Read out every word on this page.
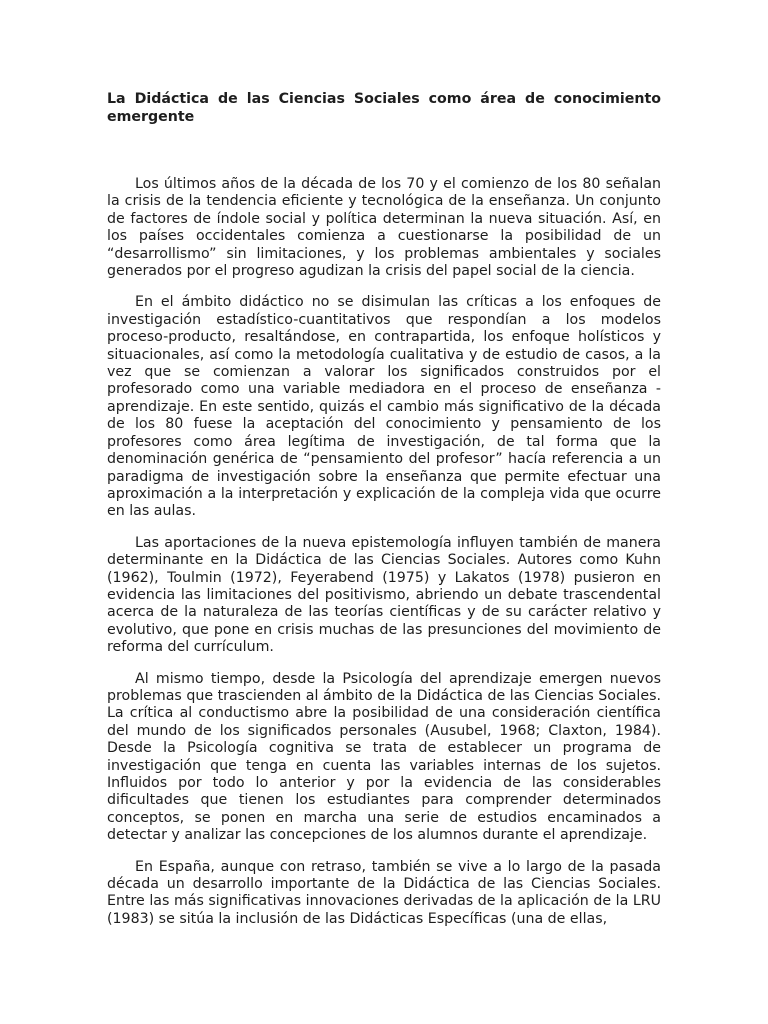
La Didáctica de las Ciencias Sociales como área de conocimiento emergente

Los últimos años de la década de los 70 y el comienzo de los 80 señalan la crisis de la tendencia eficiente y tecnológica de la enseñanza. Un conjunto de factores de índole social y política determinan la nueva situación. Así, en los países occidentales comienza a cuestionarse la posibilidad de un “desarrollismo” sin limitaciones, y los problemas ambientales y sociales generados por el progreso agudizan la crisis del papel social de la ciencia.

En el ámbito didáctico no se disimulan las críticas a los enfoques de investigación estadístico-cuantitativos que respondían a los modelos proceso-producto, resaltándose, en contrapartida, los enfoque holísticos y situacionales, así como la metodología cualitativa y de estudio de casos, a la vez que se comienzan a valorar los significados construidos por el profesorado como una variable mediadora en el proceso de enseñanza - aprendizaje. En este sentido, quizás el cambio más significativo de la década de los 80 fuese la aceptación del conocimiento y pensamiento de los profesores como área legítima de investigación, de tal forma que la denominación genérica de “pensamiento del profesor” hacía referencia a un paradigma de investigación sobre la enseñanza que permite efectuar una aproximación a la interpretación y explicación de la compleja vida que ocurre en las aulas.

Las aportaciones de la nueva epistemología influyen también de manera determinante en la Didáctica de las Ciencias Sociales. Autores como Kuhn (1962), Toulmin (1972), Feyerabend (1975) y Lakatos (1978) pusieron en evidencia las limitaciones del positivismo, abriendo un debate trascendental acerca de la naturaleza de las teorías científicas y de su carácter relativo y evolutivo, que pone en crisis muchas de las presunciones del movimiento de reforma del currículum.

Al mismo tiempo, desde la Psicología del aprendizaje emergen nuevos problemas que trascienden al ámbito de la Didáctica de las Ciencias Sociales. La crítica al conductismo abre la posibilidad de una consideración científica del mundo de los significados personales (Ausubel, 1968; Claxton, 1984). Desde la Psicología cognitiva se trata de establecer un programa de investigación que tenga en cuenta las variables internas de los sujetos. Influidos por todo lo anterior y por la evidencia de las considerables dificultades que tienen los estudiantes para comprender determinados conceptos, se ponen en marcha una serie de estudios encaminados a detectar y analizar las concepciones de los alumnos durante el aprendizaje.

En España, aunque con retraso, también se vive a lo largo de la pasada década un desarrollo importante de la Didáctica de las Ciencias Sociales. Entre las más significativas innovaciones derivadas de la aplicación de la LRU (1983) se sitúa la inclusión de las Didácticas Específicas (una de ellas,
